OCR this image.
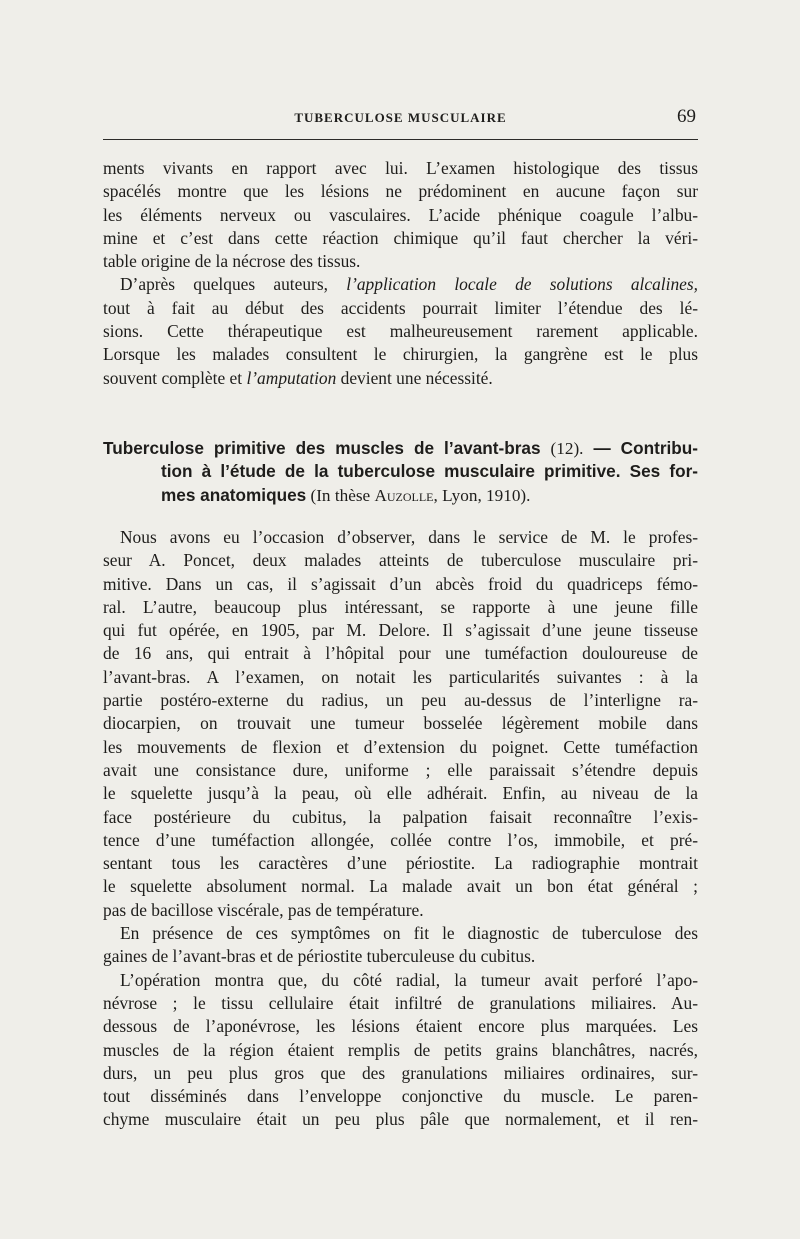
TUBERCULOSE MUSCULAIRE	69

ments vivants en rapport avec lui. L’examen histologique des tissus
spacélés montre que les lésions ne prédominent en aucune façon sur
les éléments nerveux ou vasculaires. L’acide phénique coagule l’albu-
mine et c’est dans cette réaction chimique qu’il faut chercher la véri-
table origine de la nécrose des tissus.

D’après quelques auteurs, l’application locale de solutions alcalines,
tout à fait au début des accidents pourrait limiter l’étendue des lé-
sions. Cette thérapeutique est malheureusement rarement applicable.
Lorsque les malades consultent le chirurgien, la gangrène est le plus
souvent complète et l’amputation devient une nécessité.

Tuberculose primitive des muscles de l’avant-bras (12). — Contribu-
tion à l’étude de la tuberculose musculaire primitive. Ses for-
mes anatomiques (In thèse Auzolle, Lyon, 1910).

Nous avons eu l’occasion d’observer, dans le service de M. le profes-
seur A. Poncet, deux malades atteints de tuberculose musculaire pri-
mitive. Dans un cas, il s’agissait d’un abcès froid du quadriceps fémo-
ral. L’autre, beaucoup plus intéressant, se rapporte à une jeune fille
qui fut opérée, en 1905, par M. Delore. Il s’agissait d’une jeune tisseuse
de 16 ans, qui entrait à l’hôpital pour une tuméfaction douloureuse de
l’avant-bras. A l’examen, on notait les particularités suivantes : à la
partie postéro-externe du radius, un peu au-dessus de l’interligne ra-
diocarpien, on trouvait une tumeur bosselée légèrement mobile dans
les mouvements de flexion et d’extension du poignet. Cette tuméfaction
avait une consistance dure, uniforme ; elle paraissait s’étendre depuis
le squelette jusqu’à la peau, où elle adhérait. Enfin, au niveau de la
face postérieure du cubitus, la palpation faisait reconnaître l’exis-
tence d’une tuméfaction allongée, collée contre l’os, immobile, et pré-
sentant tous les caractères d’une périostite. La radiographie montrait
le squelette absolument normal. La malade avait un bon état général ;
pas de bacillose viscérale, pas de température.

En présence de ces symptômes on fit le diagnostic de tuberculose des
gaines de l’avant-bras et de périostite tuberculeuse du cubitus.

L’opération montra que, du côté radial, la tumeur avait perforé l’apo-
névrose ; le tissu cellulaire était infiltré de granulations miliaires. Au-
dessous de l’aponévrose, les lésions étaient encore plus marquées. Les
muscles de la région étaient remplis de petits grains blanchâtres, nacrés,
durs, un peu plus gros que des granulations miliaires ordinaires, sur-
tout disséminés dans l’enveloppe conjonctive du muscle. Le paren-
chyme musculaire était un peu plus pâle que normalement, et il ren-
